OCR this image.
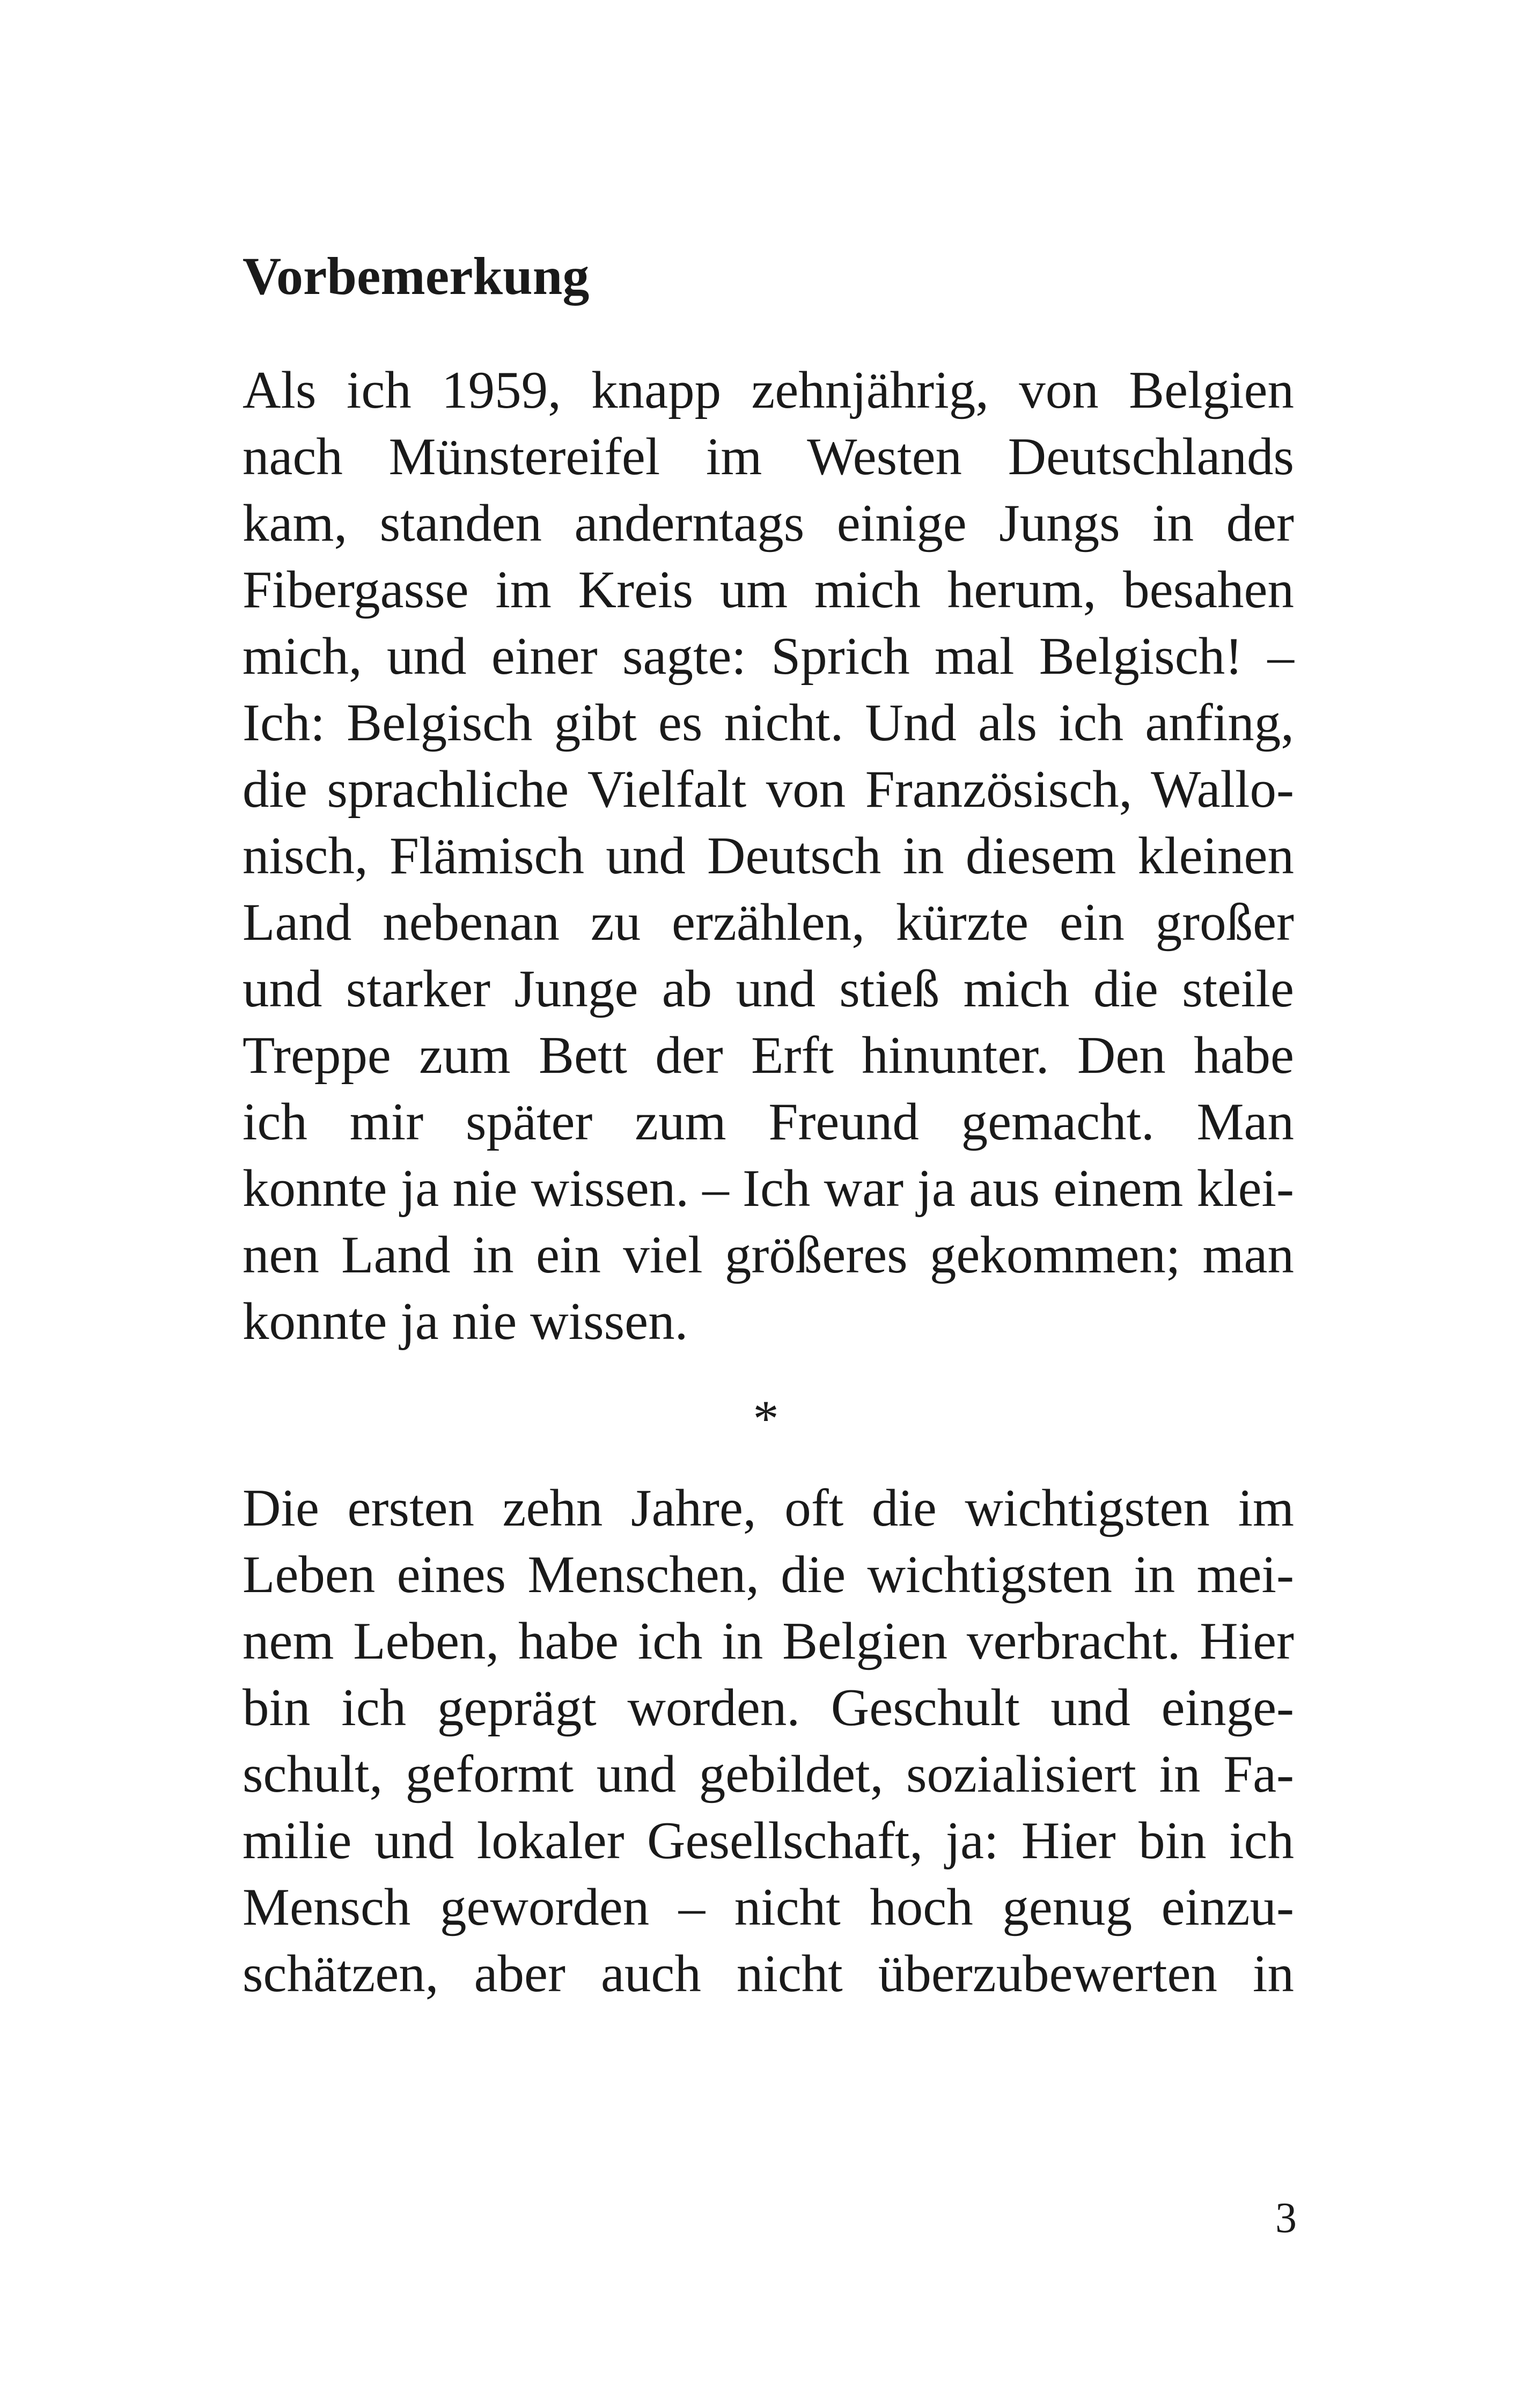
Vorbemerkung
Als ich 1959, knapp zehnjährig, von Belgien
nach Münstereifel im Westen Deutschlands
kam, standen anderntags einige Jungs in der
Fibergasse im Kreis um mich herum, besahen
mich, und einer sagte: Sprich mal Belgisch! –
Ich: Belgisch gibt es nicht. Und als ich anfing,
die sprachliche Vielfalt von Französisch, Wallo-
nisch, Flämisch und Deutsch in diesem kleinen
Land nebenan zu erzählen, kürzte ein großer
und starker Junge ab und stieß mich die steile
Treppe zum Bett der Erft hinunter. Den habe
ich mir später zum Freund gemacht. Man
konnte ja nie wissen. – Ich war ja aus einem klei-
nen Land in ein viel größeres gekommen; man
konnte ja nie wissen.
*
Die ersten zehn Jahre, oft die wichtigsten im
Leben eines Menschen, die wichtigsten in mei-
nem Leben, habe ich in Belgien verbracht. Hier
bin ich geprägt worden. Geschult und einge-
schult, geformt und gebildet, sozialisiert in Fa-
milie und lokaler Gesellschaft, ja: Hier bin ich
Mensch geworden – nicht hoch genug einzu-
schätzen, aber auch nicht überzubewerten in
3
